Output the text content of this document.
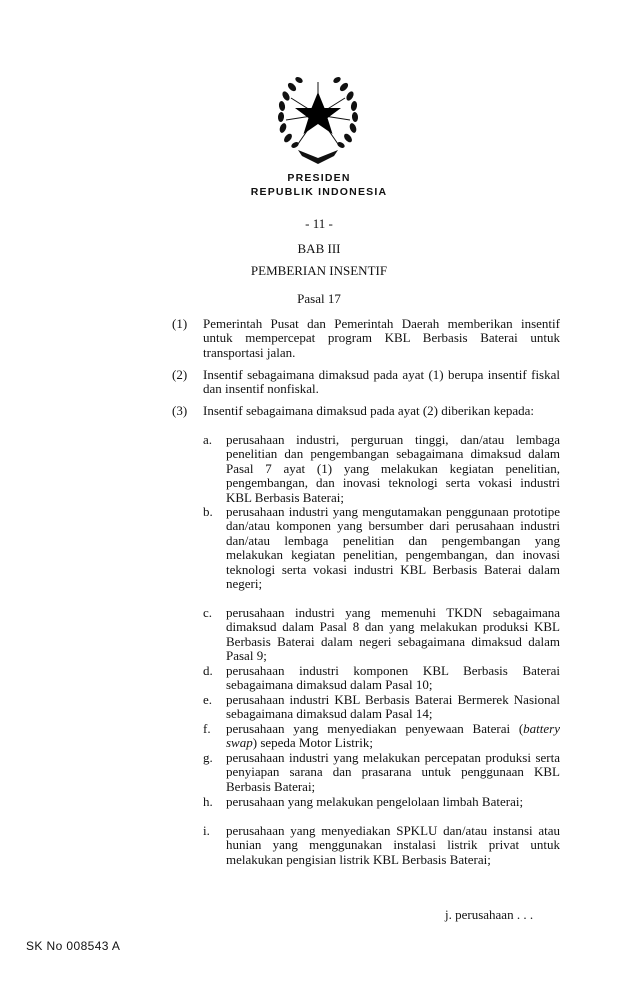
PRESIDEN
REPUBLIK INDONESIA
- 11 -
BAB III
PEMBERIAN INSENTIF
Pasal 17
(1) Pemerintah Pusat dan Pemerintah Daerah memberikan insentif untuk mempercepat program KBL Berbasis Baterai untuk transportasi jalan.
(2) Insentif sebagaimana dimaksud pada ayat (1) berupa insentif fiskal dan insentif nonfiskal.
(3) Insentif sebagaimana dimaksud pada ayat (2) diberikan kepada:
a. perusahaan industri, perguruan tinggi, dan/atau lembaga penelitian dan pengembangan sebagaimana dimaksud dalam Pasal 7 ayat (1) yang melakukan kegiatan penelitian, pengembangan, dan inovasi teknologi serta vokasi industri KBL Berbasis Baterai;
b. perusahaan industri yang mengutamakan penggunaan prototipe dan/atau komponen yang bersumber dari perusahaan industri dan/atau lembaga penelitian dan pengembangan yang melakukan kegiatan penelitian, pengembangan, dan inovasi teknologi serta vokasi industri KBL Berbasis Baterai dalam negeri;
c. perusahaan industri yang memenuhi TKDN sebagaimana dimaksud dalam Pasal 8 dan yang melakukan produksi KBL Berbasis Baterai dalam negeri sebagaimana dimaksud dalam Pasal 9;
d. perusahaan industri komponen KBL Berbasis Baterai sebagaimana dimaksud dalam Pasal 10;
e. perusahaan industri KBL Berbasis Baterai Bermerek Nasional sebagaimana dimaksud dalam Pasal 14;
f. perusahaan yang menyediakan penyewaan Baterai (battery swap) sepeda Motor Listrik;
g. perusahaan industri yang melakukan percepatan produksi serta penyiapan sarana dan prasarana untuk penggunaan KBL Berbasis Baterai;
h. perusahaan yang melakukan pengelolaan limbah Baterai;
i. perusahaan yang menyediakan SPKLU dan/atau instansi atau hunian yang menggunakan instalasi listrik privat untuk melakukan pengisian listrik KBL Berbasis Baterai;
j. perusahaan . . .
SK No 008543 A
